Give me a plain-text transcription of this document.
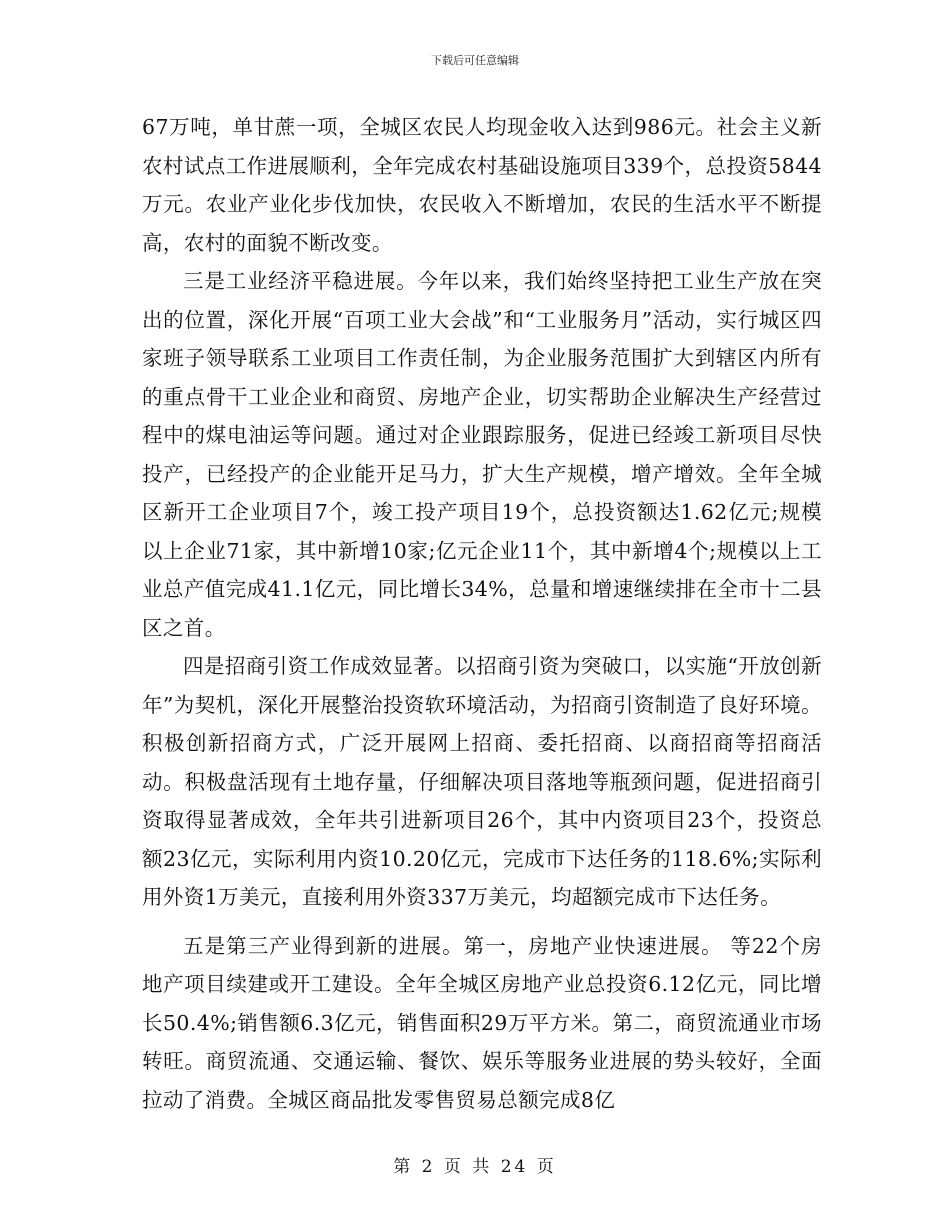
下载后可任意编辑

67万吨，单甘蔗一项，全城区农民人均现金收入达到986元。社会主义新农村试点工作进展顺利，全年完成农村基础设施项目339个，总投资5844万元。农业产业化步伐加快，农民收入不断增加，农民的生活水平不断提高，农村的面貌不断改变。

三是工业经济平稳进展。今年以来，我们始终坚持把工业生产放在突出的位置，深化开展“百项工业大会战”和“工业服务月”活动，实行城区四家班子领导联系工业项目工作责任制，为企业服务范围扩大到辖区内所有的重点骨干工业企业和商贸、房地产企业，切实帮助企业解决生产经营过程中的煤电油运等问题。通过对企业跟踪服务，促进已经竣工新项目尽快投产，已经投产的企业能开足马力，扩大生产规模，增产增效。全年全城区新开工企业项目7个，竣工投产项目19个，总投资额达1.62亿元;规模以上企业71家，其中新增10家;亿元企业11个，其中新增4个;规模以上工业总产值完成41.1亿元，同比增长34%，总量和增速继续排在全市十二县区之首。

四是招商引资工作成效显著。以招商引资为突破口，以实施“开放创新年”为契机，深化开展整治投资软环境活动，为招商引资制造了良好环境。积极创新招商方式，广泛开展网上招商、委托招商、以商招商等招商活动。积极盘活现有土地存量，仔细解决项目落地等瓶颈问题，促进招商引资取得显著成效，全年共引进新项目26个，其中内资项目23个，投资总额23亿元，实际利用内资10.20亿元，完成市下达任务的118.6%;实际利用外资1万美元，直接利用外资337万美元，均超额完成市下达任务。

五是第三产业得到新的进展。第一，房地产业快速进展。 等22个房地产项目续建或开工建设。全年全城区房地产业总投资6.12亿元，同比增长50.4%;销售额6.3亿元，销售面积29万平方米。第二，商贸流通业市场转旺。商贸流通、交通运输、餐饮、娱乐等服务业进展的势头较好，全面拉动了消费。全城区商品批发零售贸易总额完成8亿

第 2 页 共 24 页
